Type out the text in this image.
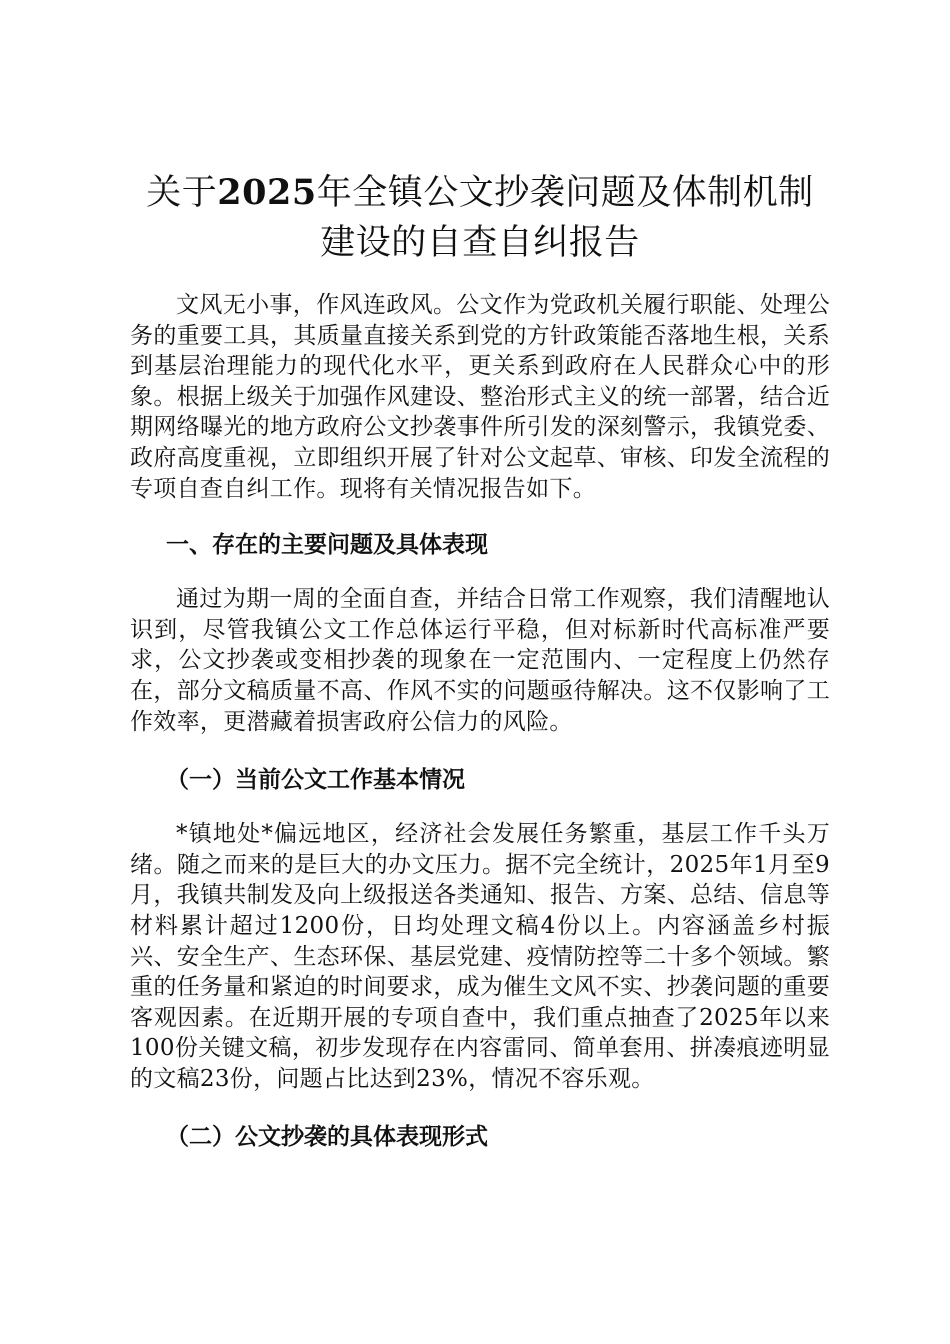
关于2025年全镇公文抄袭问题及体制机制建设的自查自纠报告

文风无小事，作风连政风。公文作为党政机关履行职能、处理公务的重要工具，其质量直接关系到党的方针政策能否落地生根，关系到基层治理能力的现代化水平，更关系到政府在人民群众心中的形象。根据上级关于加强作风建设、整治形式主义的统一部署，结合近期网络曝光的地方政府公文抄袭事件所引发的深刻警示，我镇党委、政府高度重视，立即组织开展了针对公文起草、审核、印发全流程的专项自查自纠工作。现将有关情况报告如下。

一、存在的主要问题及具体表现

通过为期一周的全面自查，并结合日常工作观察，我们清醒地认识到，尽管我镇公文工作总体运行平稳，但对标新时代高标准严要求，公文抄袭或变相抄袭的现象在一定范围内、一定程度上仍然存在，部分文稿质量不高、作风不实的问题亟待解决。这不仅影响了工作效率，更潜藏着损害政府公信力的风险。

（一）当前公文工作基本情况

*镇地处*偏远地区，经济社会发展任务繁重，基层工作千头万绪。随之而来的是巨大的办文压力。据不完全统计，2025年1月至9月，我镇共制发及向上级报送各类通知、报告、方案、总结、信息等材料累计超过1200份，日均处理文稿4份以上。内容涵盖乡村振兴、安全生产、生态环保、基层党建、疫情防控等二十多个领域。繁重的任务量和紧迫的时间要求，成为催生文风不实、抄袭问题的重要客观因素。在近期开展的专项自查中，我们重点抽查了2025年以来100份关键文稿，初步发现存在内容雷同、简单套用、拼凑痕迹明显的文稿23份，问题占比达到23%，情况不容乐观。

（二）公文抄袭的具体表现形式
